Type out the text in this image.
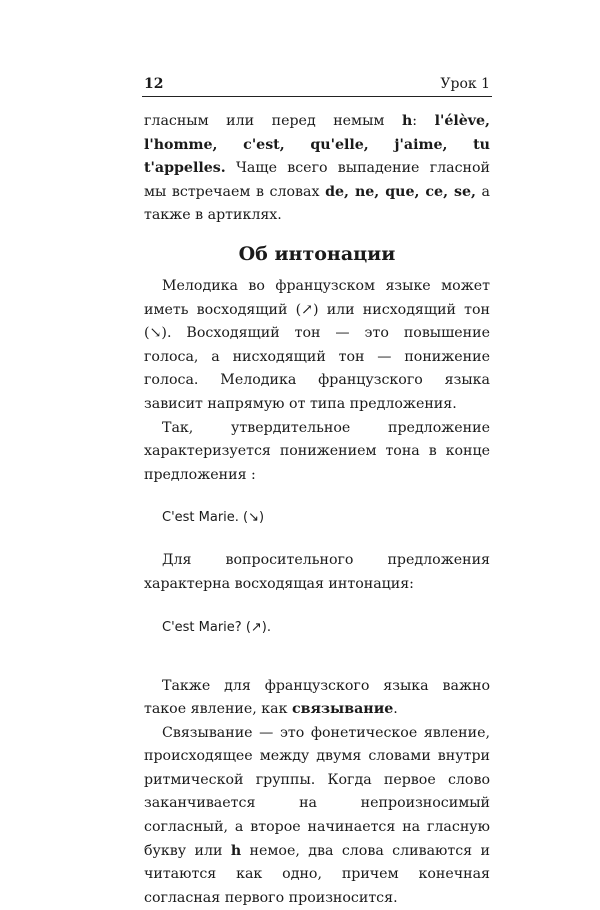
12	Урок 1

гласным или перед немым h: l'élève, l'homme, c'est, qu'elle, j'aime, tu t'appelles. Чаще всего выпадение гласной мы встречаем в словах de, ne, que, ce, se, а также в артиклях.

Об интонации

Мелодика во французском языке может иметь восходящий (↗) или нисходящий тон (↘). Восходящий тон — это повышение голоса, а нисходящий тон — понижение голоса. Мелодика французского языка зависит напрямую от типа предложения.

Так, утвердительное предложение характеризуется понижением тона в конце предложения :

C'est Marie. (↘)

Для вопросительного предложения характерна восходящая интонация:

C'est Marie? (↗).

Также для французского языка важно такое явление, как связывание.

Связывание — это фонетическое явление, происходящее между двумя словами внутри ритмической группы. Когда первое слово заканчивается на непроизносимый согласный, а второе начинается на гласную букву или h немое, два слова сливаются и читаются как одно, причем конечная согласная первого произносится.
